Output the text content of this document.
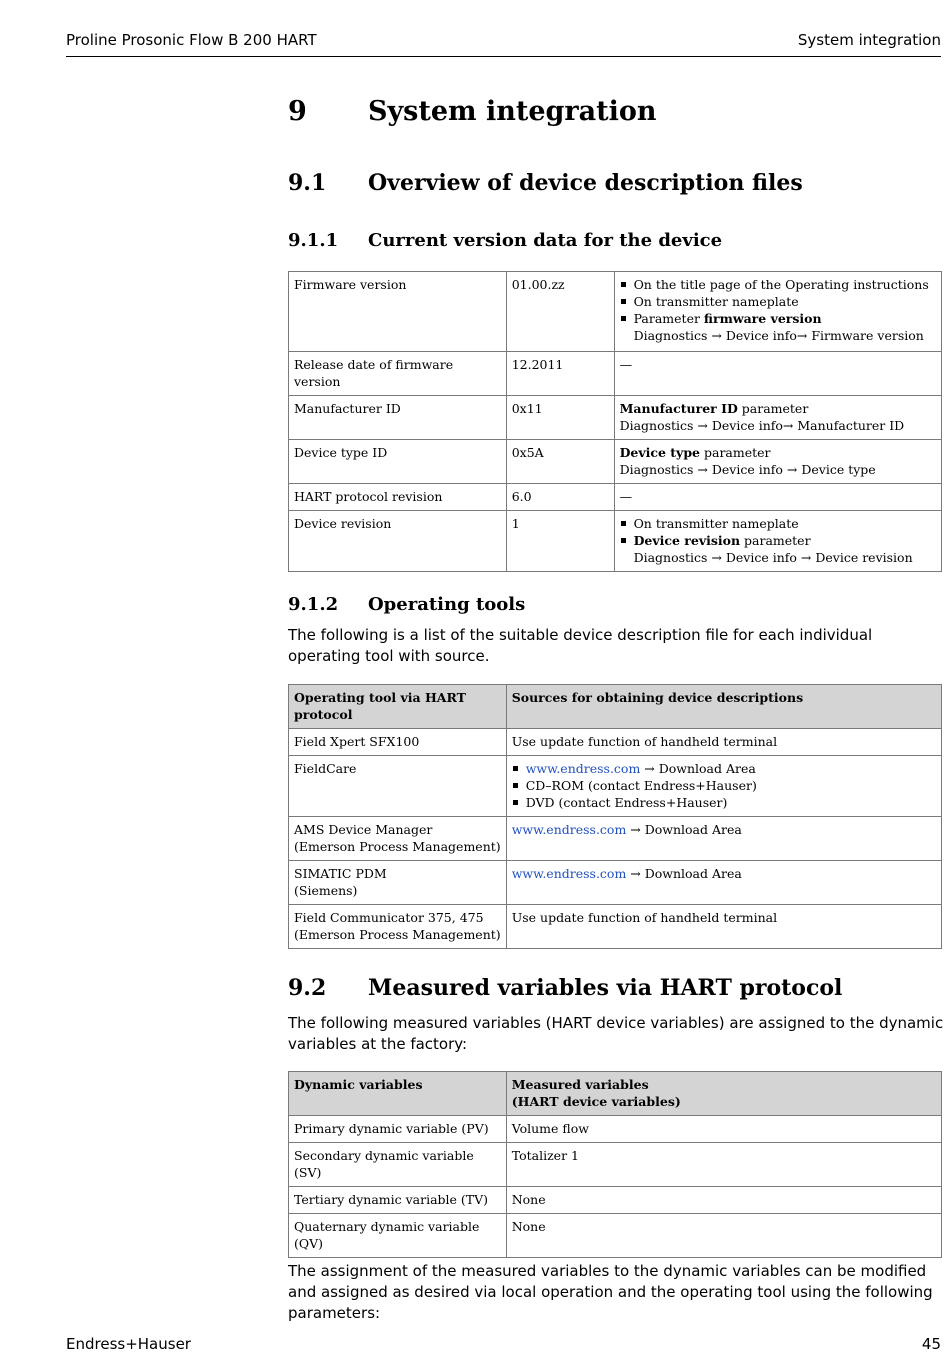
Proline Prosonic Flow B 200 HART	System integration
9 System integration
9.1 Overview of device description files
9.1.1 Current version data for the device
Firmware version	01.00.zz	On the title page of the Operating instructions
On transmitter nameplate
Parameter firmware version
Diagnostics → Device info→ Firmware version

Release date of firmware version	12.2011	—
Manufacturer ID	0x11	Manufacturer ID parameter
Diagnostics → Device info→ Manufacturer ID
Device type ID	0x5A	Device type parameter
Diagnostics → Device info → Device type
HART protocol revision	6.0	—
Device revision	1	On transmitter nameplate
Device revision parameter
Diagnostics → Device info → Device revision
9.1.2 Operating tools
The following is a list of the suitable device description file for each individual operating tool with source.
Operating tool via HART protocol	Sources for obtaining device descriptions
Field Xpert SFX100	Use update function of handheld terminal
FieldCare	www.endress.com → Download Area
CD–ROM (contact Endress+Hauser)
DVD (contact Endress+Hauser)

AMS Device Manager
(Emerson Process Management)	www.endress.com → Download Area
SIMATIC PDM
(Siemens)	www.endress.com → Download Area
Field Communicator 375, 475
(Emerson Process Management)	Use update function of handheld terminal
9.2 Measured variables via HART protocol
The following measured variables (HART device variables) are assigned to the dynamic variables at the factory:
Dynamic variables	Measured variables
(HART device variables)
Primary dynamic variable (PV)	Volume flow
Secondary dynamic variable (SV)	Totalizer 1
Tertiary dynamic variable (TV)	None
Quaternary dynamic variable (QV)	None
The assignment of the measured variables to the dynamic variables can be modified and assigned as desired via local operation and the operating tool using the following parameters:
Endress+Hauser	45
